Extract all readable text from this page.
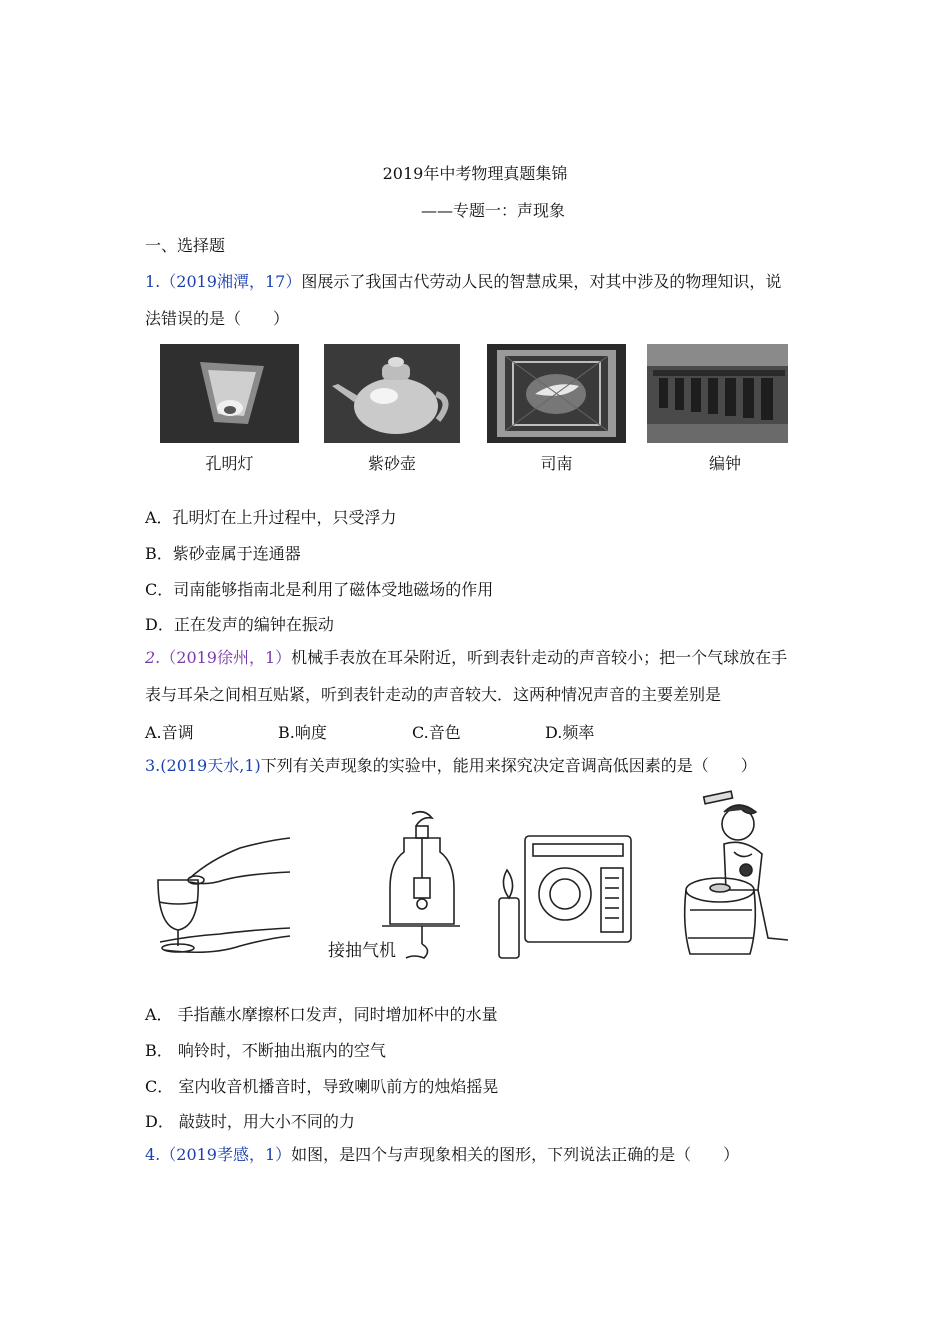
2019年中考物理真题集锦
——专题一：声现象
一、选择题
1.（2019湘潭，17）图展示了我国古代劳动人民的智慧成果，对其中涉及的物理知识，说
法错误的是（　　）
孔明灯	紫砂壶	司南	编钟
A．孔明灯在上升过程中，只受浮力
B．紫砂壶属于连通器
C．司南能够指南北是利用了磁体受地磁场的作用
D．正在发声的编钟在振动
2.（2019徐州，1）机械手表放在耳朵附近，听到表针走动的声音较小；把一个气球放在手
表与耳朵之间相互贴紧，听到表针走动的声音较大．这两种情况声音的主要差别是
A.音调	B.响度	C.音色	D.频率
3.(2019天水,1)下列有关声现象的实验中，能用来探究决定音调高低因素的是（　　）
接抽气机
A． 手指蘸水摩擦杯口发声，同时增加杯中的水量
B． 响铃时，不断抽出瓶内的空气
C． 室内收音机播音时，导致喇叭前方的烛焰摇晃
D． 敲鼓时，用大小不同的力
4.（2019孝感，1）如图，是四个与声现象相关的图形，下列说法正确的是（　　）
